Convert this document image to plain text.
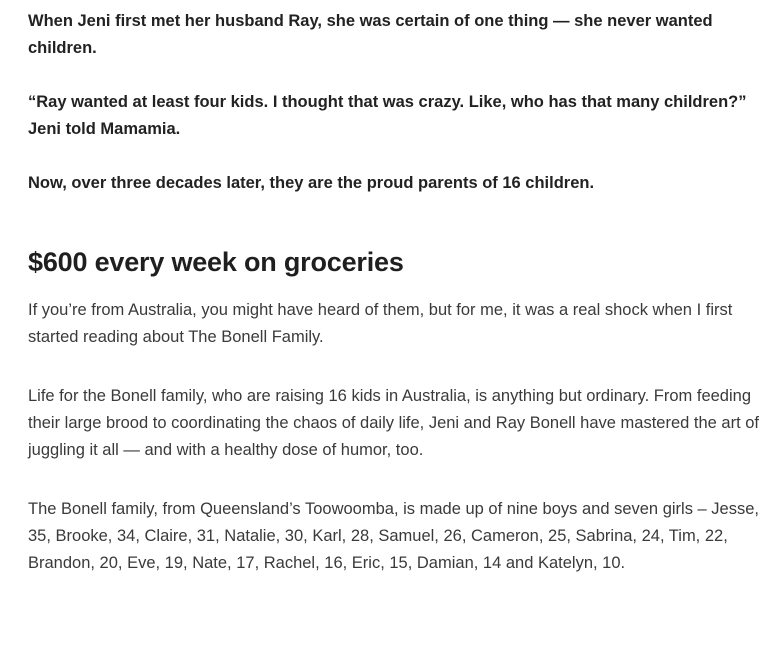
When Jeni first met her husband Ray, she was certain of one thing — she never wanted children.

“Ray wanted at least four kids. I thought that was crazy. Like, who has that many children?” Jeni told Mamamia.

Now, over three decades later, they are the proud parents of 16 children.

$600 every week on groceries

If you’re from Australia, you might have heard of them, but for me, it was a real shock when I first started reading about The Bonell Family.

Life for the Bonell family, who are raising 16 kids in Australia, is anything but ordinary. From feeding their large brood to coordinating the chaos of daily life, Jeni and Ray Bonell have mastered the art of juggling it all — and with a healthy dose of humor, too.

The Bonell family, from Queensland’s Toowoomba, is made up of nine boys and seven girls – Jesse, 35, Brooke, 34, Claire, 31, Natalie, 30, Karl, 28, Samuel, 26, Cameron, 25, Sabrina, 24, Tim, 22, Brandon, 20, Eve, 19, Nate, 17, Rachel, 16, Eric, 15, Damian, 14 and Katelyn, 10.
